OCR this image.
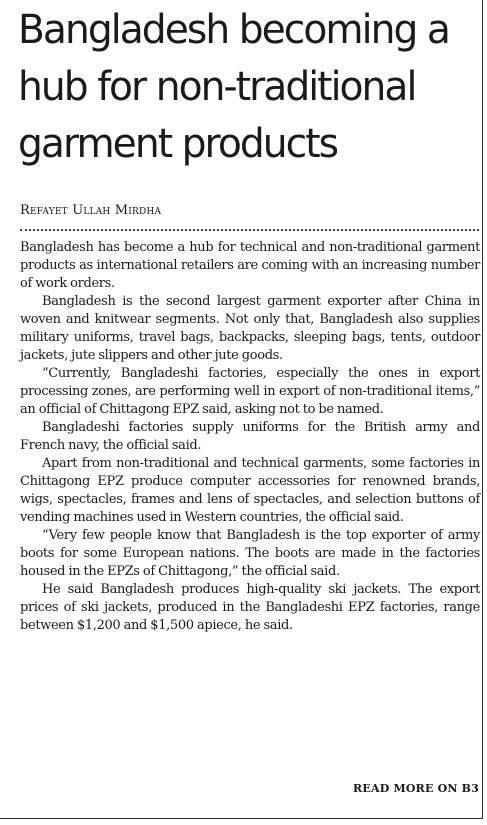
Bangladesh becoming a hub for non-traditional garment products
Refayet Ullah Mirdha

Bangladesh has become a hub for technical and non-traditional garment products as international retailers are coming with an increasing number of work orders.

Bangladesh is the second largest garment exporter after China in woven and knitwear segments. Not only that, Bangladesh also supplies military uniforms, travel bags, backpacks, sleeping bags, tents, outdoor jackets, jute slippers and other jute goods.

“Currently, Bangladeshi factories, especially the ones in export processing zones, are performing well in export of non-traditional items,” an official of Chittagong EPZ said, asking not to be named.

Bangladeshi factories supply uniforms for the British army and French navy, the official said.

Apart from non-traditional and technical garments, some factories in Chittagong EPZ produce computer accessories for renowned brands, wigs, spectacles, frames and lens of spectacles, and selection buttons of vending machines used in Western countries, the official said.

“Very few people know that Bangladesh is the top exporter of army boots for some European nations. The boots are made in the factories housed in the EPZs of Chittagong,” the official said.

He said Bangladesh produces high-quality ski jackets. The export prices of ski jackets, produced in the Bangladeshi EPZ factories, range between $1,200 and $1,500 apiece, he said.

READ MORE ON B3
